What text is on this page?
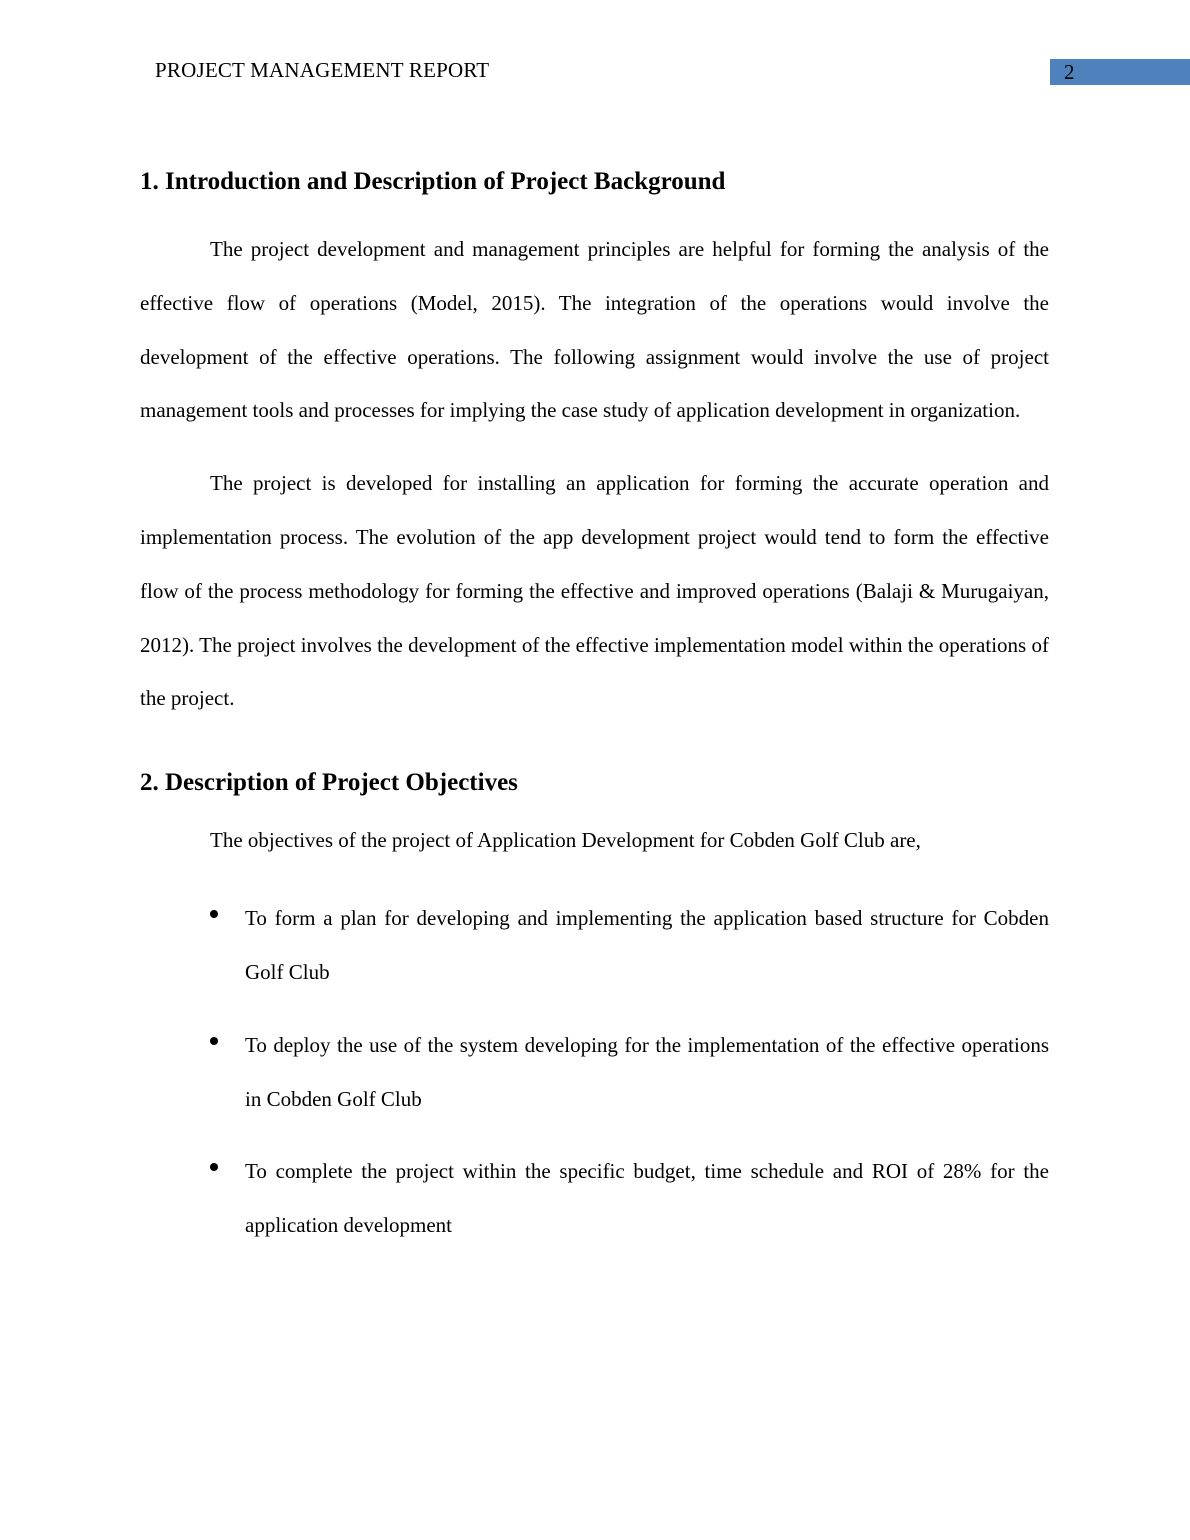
PROJECT MANAGEMENT REPORT	2
1. Introduction and Description of Project Background

The project development and management principles are helpful for forming the analysis of the effective flow of operations (Model, 2015). The integration of the operations would involve the development of the effective operations. The following assignment would involve the use of project management tools and processes for implying the case study of application development in organization.

The project is developed for installing an application for forming the accurate operation and implementation process. The evolution of the app development project would tend to form the effective flow of the process methodology for forming the effective and improved operations (Balaji & Murugaiyan, 2012). The project involves the development of the effective implementation model within the operations of the project.

2. Description of Project Objectives

The objectives of the project of Application Development for Cobden Golf Club are,

To form a plan for developing and implementing the application based structure for Cobden Golf Club
To deploy the use of the system developing for the implementation of the effective operations in Cobden Golf Club
To complete the project within the specific budget, time schedule and ROI of 28% for the application development
